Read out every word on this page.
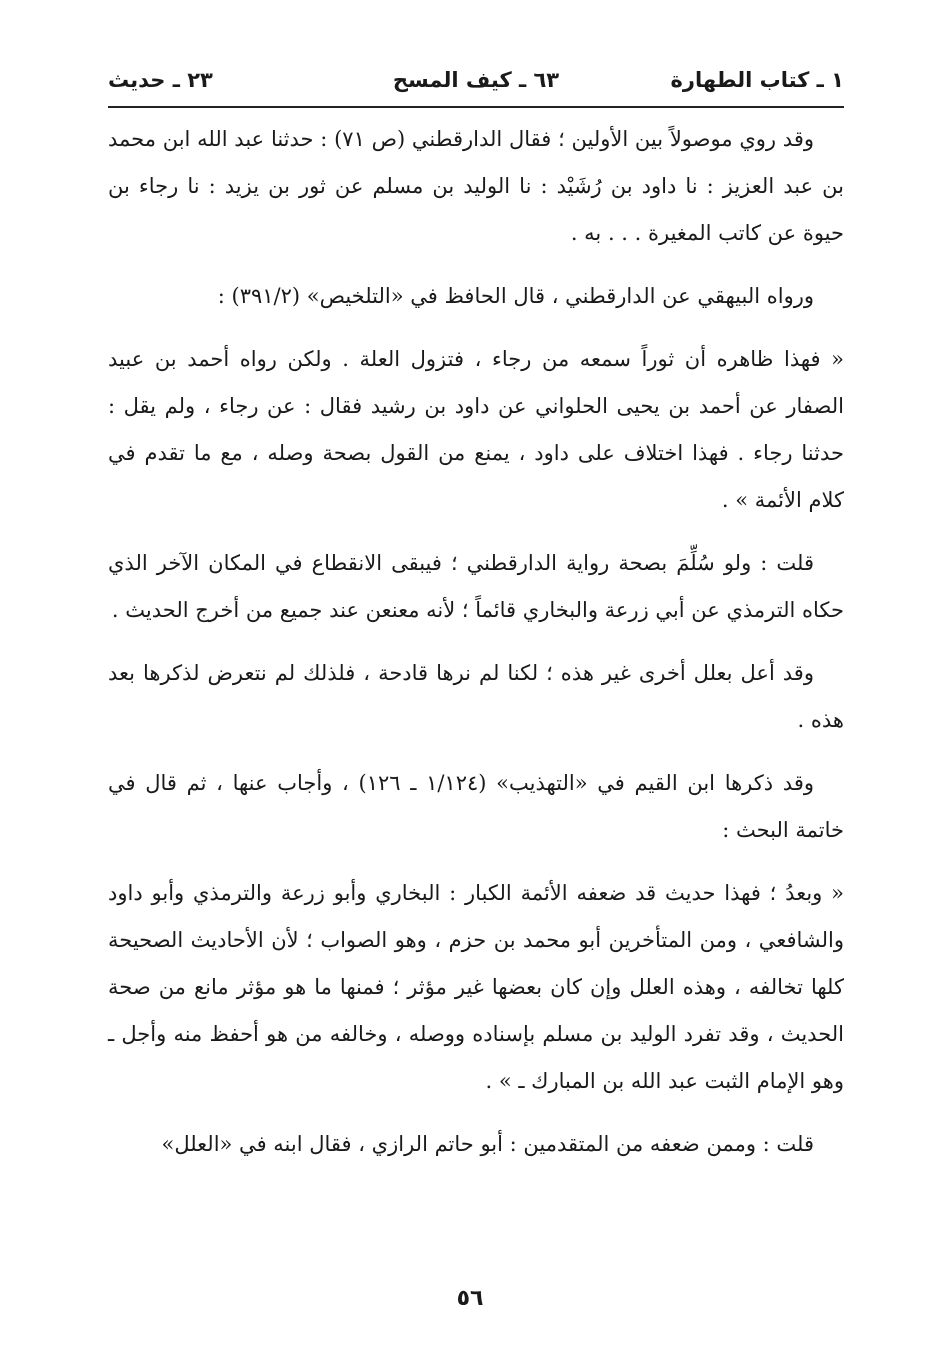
١ ـ كتاب الطهارة
٦٣ ـ كيف المسح
٢٣ ـ حديث

وقد روي موصولاً بين الأولين ؛ فقال الدارقطني (ص ٧١) : حدثنا عبد الله ابن محمد بن عبد العزيز : نا داود بن رُشَيْد : نا الوليد بن مسلم عن ثور بن يزيد : نا رجاء بن حيوة عن كاتب المغيرة . . . به .

ورواه البيهقي عن الدارقطني ، قال الحافظ في «التلخيص» (٣٩١/٢) :

« فهذا ظاهره أن ثوراً سمعه من رجاء ، فتزول العلة . ولكن رواه أحمد بن عبيد الصفار عن أحمد بن يحيى الحلواني عن داود بن رشيد فقال : عن رجاء ، ولم يقل : حدثنا رجاء . فهذا اختلاف على داود ، يمنع من القول بصحة وصله ، مع ما تقدم في كلام الأئمة » .

قلت : ولو سُلِّمَ بصحة رواية الدارقطني ؛ فيبقى الانقطاع في المكان الآخر الذي حكاه الترمذي عن أبي زرعة والبخاري قائماً ؛ لأنه معنعن عند جميع من أخرج الحديث .

وقد أعل بعلل أخرى غير هذه ؛ لكنا لم نرها قادحة ، فلذلك لم نتعرض لذكرها بعد هذه .

وقد ذكرها ابن القيم في «التهذيب» (١/١٢٤ ـ ١٢٦) ، وأجاب عنها ، ثم قال في خاتمة البحث :

« وبعدُ ؛ فهذا حديث قد ضعفه الأئمة الكبار : البخاري وأبو زرعة والترمذي وأبو داود والشافعي ، ومن المتأخرين أبو محمد بن حزم ، وهو الصواب ؛ لأن الأحاديث الصحيحة كلها تخالفه ، وهذه العلل وإن كان بعضها غير مؤثر ؛ فمنها ما هو مؤثر مانع من صحة الحديث ، وقد تفرد الوليد بن مسلم بإسناده ووصله ، وخالفه من هو أحفظ منه وأجل ـ وهو الإمام الثبت عبد الله بن المبارك ـ » .

قلت : وممن ضعفه من المتقدمين : أبو حاتم الرازي ، فقال ابنه في «العلل»

٥٦
